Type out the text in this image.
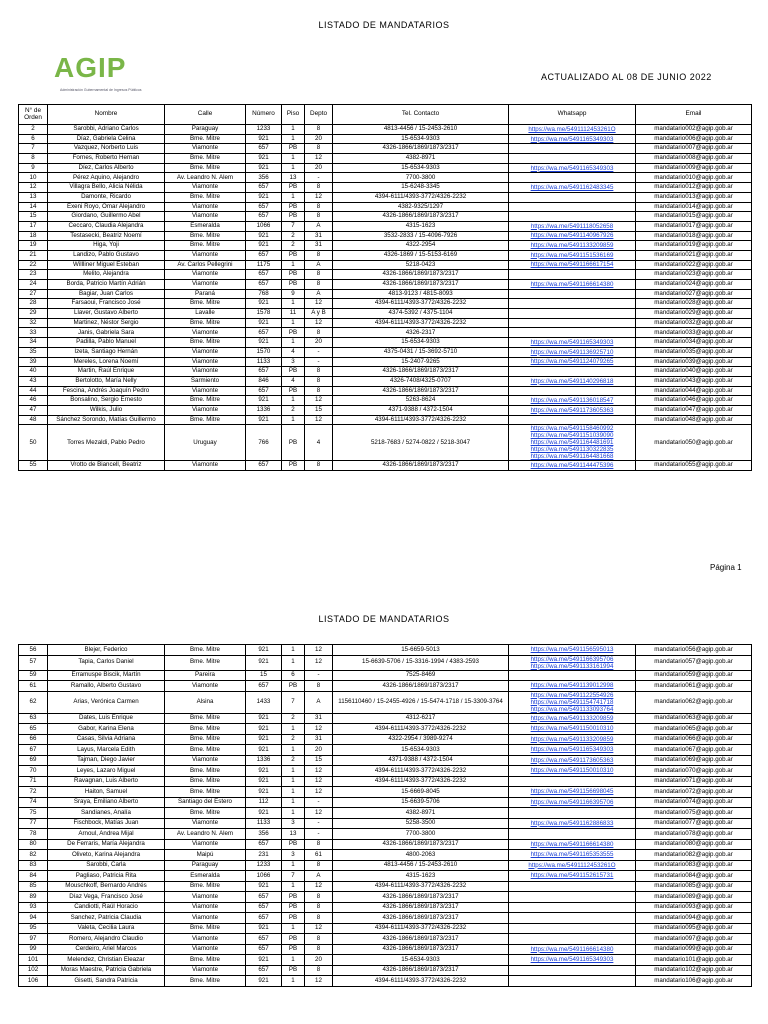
LISTADO DE MANDATARIOS
AGIP
Administración Gubernamental de Ingresos Públicos
ACTUALIZADO AL 08 DE JUNIO 2022
N° de Orden	Nombre	Calle	Número	Piso	Depto	Tel. Contacto	Whatsapp	Email
2	Sarobbi, Adriano Carlos	Paraguay	1233	1	8	4813-4456 / 15-2453-2610	https://wa.me/5491112453261O	mandatario002@agip.gob.ar
6	Díaz, Gabriela Celina	Bme. Mitre	921	1	20	15-6534-9303	https://wa.me/5491165349303	mandatario006@agip.gob.ar
7	Vazquez, Norberto Luis	Viamonte	657	PB	8	4326-1866/1869/1873/2317		mandatario007@agip.gob.ar
8	Fornes, Roberto Hernan	Bme. Mitre	921	1	12	4382-8971		mandatario008@agip.gob.ar
9	Díez, Carlos Alberto	Bme. Mitre	921	1	20	15-6534-9303	https://wa.me/5491165349303	mandatario009@agip.gob.ar
10	Pérez Aquino, Alejandro	Av. Leandro N. Alem	356	13	-	7700-3800		mandatario010@agip.gob.ar
12	Villagra Bello, Alicia Nélida	Viamonte	657	PB	8	15-6248-3345	https://wa.me/5491162483345	mandatario012@agip.gob.ar
13	Damonte, Ricardo	Bme. Mitre	921	1	12	4394-6111/4393-3772/4326-2232		mandatario013@agip.gob.ar
14	Exeni Royo, Omar Alejandro	Viamonte	657	PB	8	4382-9325/1297		mandatario014@agip.gob.ar
15	Giordano, Guillermo Abel	Viamonte	657	PB	8	4326-1866/1869/1873/2317		mandatario015@agip.gob.ar
17	Ceccaro, Claudia Alejandra	Esmeralda	1066	7	A	4315-1623	https://wa.me/5491118052658	mandatario017@agip.gob.ar
18	Testasecki, Beatriz Noemí	Bme. Mitre	921	2	31	3532-2833 / 15-4096-7926	https://wa.me/5491140967926	mandatario018@agip.gob.ar
19	Higa, Yoji	Bme. Mitre	921	2	31	4322-2954	https://wa.me/5491133209859	mandatario019@agip.gob.ar
21	Landizo, Pablo Gustavo	Viamonte	657	PB	8	4326-1869 / 15-5153-6169	https://wa.me/5491151536169	mandatario021@agip.gob.ar
22	Willliner Miguel Esteban	Av. Carlos Pellegrini	1175	1	A	5218-0423	https://wa.me/5491166617154	mandatario022@agip.gob.ar
23	Melito, Alejandra	Viamonte	657	PB	8	4326-1866/1869/1873/2317		mandatario023@agip.gob.ar
24	Borda, Patricio Martín Adrián	Viamonte	657	PB	8	4326-1866/1869/1873/2317	https://wa.me/5491166614380	mandatario024@agip.gob.ar
27	Bagiar, Juan Carlos	Paraná	768	9	A	4813-9123 / 4815-8093		mandatario027@agip.gob.ar
28	Farsaoui, Francisco José	Bme. Mitre	921	1	12	4394-6111/4393-3772/4326-2232		mandatario028@agip.gob.ar
29	Llaver, Gustavo Alberto	Lavalle	1578	11	A y B	4374-5392 / 4375-1104		mandatario029@agip.gob.ar
32	Martinez, Néstor Sergio	Bme. Mitre	921	1	12	4394-6111/4393-3772/4326-2232		mandatario032@agip.gob.ar
33	Janis, Gabriela Sara	Viamonte	657	PB	8	4326-2317		mandatario033@agip.gob.ar
34	Padilla, Pablo Manuel	Bme. Mitre	921	1	20	15-6534-9303	https://wa.me/5491165349303	mandatario034@agip.gob.ar
35	Izeta, Santiago Hernán	Viamonte	1570	4	-	4375-0431 / 15-3692-5710	https://wa.me/5491136925710	mandatario035@agip.gob.ar
39	Mereles, Lorena Noemí	Viamonte	1133	3	-	15-2407-9265	https://wa.me/5491124079265	mandatario039@agip.gob.ar
40	Martin, Raúl Enrique	Viamonte	657	PB	8	4326-1866/1869/1873/2317		mandatario040@agip.gob.ar
43	Bertolotto, María Nelly	Sarmiento	846	4	8	4326-7408/4325-0707	https://wa.me/5491140296818	mandatario043@agip.gob.ar
44	Fescina, Andrés Joaquín Pedro	Viamonte	657	PB	8	4326-1866/1869/1873/2317		mandatario044@agip.gob.ar
46	Bonsalino, Sergio Ernesto	Bme. Mitre	921	1	12	5263-8624	https://wa.me/5491136018547	mandatario046@agip.gob.ar
47	Wilkis, Julio	Viamonte	1336	2	15	4371-9388 / 4372-1504	https://wa.me/5491173605363	mandatario047@agip.gob.ar
48	Sánchez Sorondo, Matías Guillermo	Bme. Mitre	921	1	12	4394-6111/4393-3772/4326-2232		mandatario048@agip.gob.ar
50	Torres Mezaldi, Pablo Pedro	Uruguay	766	PB	4	5218-7683 / 5274-0822 / 5218-3047	https://wa.me/5491158460992
https://wa.me/5491151039090
https://wa.me/5491164481691
https://wa.me/5491130322835
https://wa.me/5491164481668	mandatario050@agip.gob.ar
55	Vrotto de Biancell, Beatriz	Viamonte	657	PB	8	4326-1866/1869/1873/2317	https://wa.me/5491144475396	mandatario055@agip.gob.ar
Página 1
LISTADO DE MANDATARIOS
56	Blejer, Federico	Bme. Mitre	921	1	12	15-6659-5013	https://wa.me/5491156595013	mandatario056@agip.gob.ar
57	Tapia, Carlos Daniel	Bme. Mitre	921	1	12	15-6639-5706 / 15-3316-1994 / 4383-2593	https://wa.me/5491166395706
https://wa.me/5491133161994	mandatario057@agip.gob.ar
59	Erramuspe Biscik, Martín	Pareira	15	6	-	7525-8469		mandatario059@agip.gob.ar
61	Ramallo, Alberto Gustavo	Viamonte	657	PB	8	4326-1866/1869/1873/2317	https://wa.me/5491139012998	mandatario061@agip.gob.ar
62	Arias, Verónica Carmen	Alsina	1433	7	A	1156110460 / 15-2455-4926 / 15-5474-1718 / 15-3309-3764	https://wa.me/5491122554926
https://wa.me/5491154741718
https://wa.me/5491133093764	mandatario062@agip.gob.ar
63	Dates, Luis Enrique	Bme. Mitre	921	2	31	4312-6217	https://wa.me/5491133209859	mandatario063@agip.gob.ar
65	Gabor, Karina Elena	Bme. Mitre	921	1	12	4394-6111/4393-3772/4326-2232	https://wa.me/5491150010310	mandatario065@agip.gob.ar
66	Casas, Silvia Adriana	Bme. Mitre	921	2	31	4322-2954 / 3989-9274	https://wa.me/5491133209859	mandatario066@agip.gob.ar
67	Layus, Marcela Edith	Bme. Mitre	921	1	20	15-6534-9303	https://wa.me/5491165349303	mandatario067@agip.gob.ar
69	Tajman, Diego Javier	Viamonte	1336	2	15	4371-9388 / 4372-1504	https://wa.me/5491173605363	mandatario069@agip.gob.ar
70	Leyes, Lazaro Miguel	Bme. Mitre	921	1	12	4394-6111/4393-3772/4326-2232	https://wa.me/5491150010310	mandatario070@agip.gob.ar
71	Ravagnan, Luis Alberto	Bme. Mitre	921	1	12	4394-6111/4393-3772/4326-2232		mandatario071@agip.gob.ar
72	Haiton, Samuel	Bme. Mitre	921	1	12	15-6669-8045	https://wa.me/5491156698045	mandatario072@agip.gob.ar
74	Sraya, Emiliano Alberto	Santiago del Estero	112	1	-	15-6639-5706	https://wa.me/5491166395706	mandatario074@agip.gob.ar
75	Sandianes, Analía	Bme. Mitre	921	1	12	4382-8971		mandatario075@agip.gob.ar
77	Fischbock, Matías Juan	Viamonte	1133	3	-	5258-3500	https://wa.me/5491162886833	mandatario077@agip.gob.ar
78	Arnoul, Andrea Mijal	Av. Leandro N. Alem	356	13	-	7700-3800		mandatario078@agip.gob.ar
80	De Ferraris, María Alejandra	Viamonte	657	PB	8	4326-1866/1869/1873/2317	https://wa.me/5491166614380	mandatario080@agip.gob.ar
82	Oliveto, Karina Alejandra	Maipú	231	3	61	4800-2063	https://wa.me/5491165353555	mandatario082@agip.gob.ar
83	Sarobbi, Carla	Paraguay	1233	1	8	4813-4456 / 15-2453-2610	https://wa.me/5491112453261O	mandatario083@agip.gob.ar
84	Pagliaso, Patricia Rita	Esmeralda	1066	7	A	4315-1623	https://wa.me/5491152615731	mandatario084@agip.gob.ar
85	Mouschkoff, Bernardo Andrés	Bme. Mitre	921	1	12	4394-6111/4393-3772/4326-2232		mandatario085@agip.gob.ar
89	Díaz Vega, Francisco José	Viamonte	657	PB	8	4326-1866/1869/1873/2317		mandatario089@agip.gob.ar
93	Candiotti, Raúl Horacio	Viamonte	657	PB	8	4326-1866/1869/1873/2317		mandatario093@agip.gob.ar
94	Sanchez, Patricia Claudia	Viamonte	657	PB	8	4326-1866/1869/1873/2317		mandatario094@agip.gob.ar
95	Valeta, Cecilia Laura	Bme. Mitre	921	1	12	4394-6111/4393-3772/4326-2232		mandatario095@agip.gob.ar
97	Romero, Alejandro Claudio	Viamonte	657	PB	8	4326-1866/1869/1873/2317		mandatario097@agip.gob.ar
99	Cerdeiro, Ariel Marcos	Viamonte	657	PB	8	4326-1866/1869/1873/2317	https://wa.me/5491166614380	mandatario099@agip.gob.ar
101	Melendez, Christian Eleazar	Bme. Mitre	921	1	20	15-6534-9303	https://wa.me/5491165349303	mandatario101@agip.gob.ar
102	Moras Maestre, Patricia Gabriela	Viamonte	657	PB	8	4326-1866/1869/1873/2317		mandatario102@agip.gob.ar
106	Gisetti, Sandra Patricia	Bme. Mitre	921	1	12	4394-6111/4393-3772/4326-2232		mandatario106@agip.gob.ar
